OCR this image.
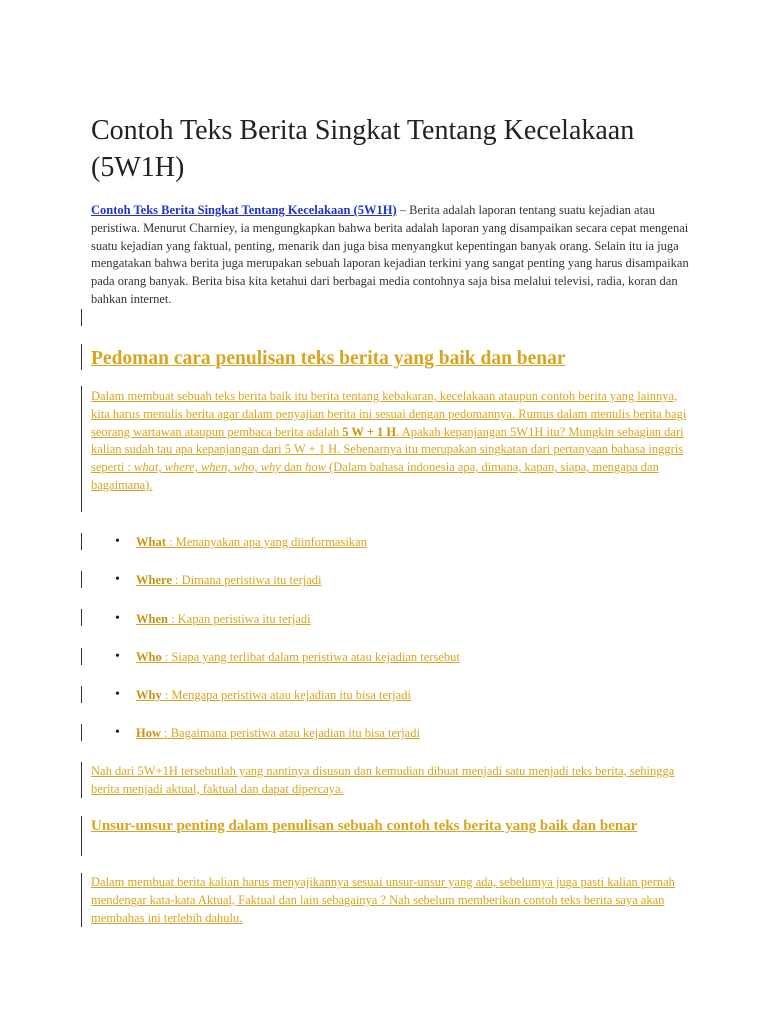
Contoh Teks Berita Singkat Tentang Kecelakaan (5W1H)

Contoh Teks Berita Singkat Tentang Kecelakaan (5W1H) – Berita adalah laporan tentang suatu kejadian atau peristiwa. Menurut Charniey, ia mengungkapkan bahwa berita adalah laporan yang disampaikan secara cepat mengenai suatu kejadian yang faktual, penting, menarik dan juga bisa menyangkut kepentingan banyak orang. Selain itu ia juga mengatakan bahwa berita juga merupakan sebuah laporan kejadian terkini yang sangat penting yang harus disampaikan pada orang banyak. Berita bisa kita ketahui dari berbagai media contohnya saja bisa melalui televisi, radia, koran dan bahkan internet.

Pedoman cara penulisan teks berita yang baik dan benar

Dalam membuat sebuah teks berita baik itu berita tentang kebakaran, kecelakaan ataupun contoh berita yang lainnya, kita harus menulis berita agar dalam penyajian berita ini sesuai dengan pedomannya. Rumus dalam menulis berita bagi seorang wartawan ataupun pembaca berita adalah 5 W + 1 H. Apakah kepanjangan 5W1H itu? Mungkin sebagian dari kalian sudah tau apa kepanjangan dari 5 W + 1 H. Sebenarnya itu merupakan singkatan dari pertanyaan bahasa inggris seperti : what, where, when, who, why dan how (Dalam bahasa indonesia apa, dimana, kapan, siapa, mengapa dan bagaimana).

• What : Menanyakan apa yang diinformasikan
• Where : Dimana peristiwa itu terjadi
• When : Kapan peristiwa itu terjadi
• Who : Siapa yang terlibat dalam peristiwa atau kejadian tersebut
• Why : Mengapa peristiwa atau kejadian itu bisa terjadi
• How : Bagaimana peristiwa atau kejadian itu bisa terjadi

Nah dari 5W+1H tersebutlah yang nantinya disusun dan kemudian dibuat menjadi satu menjadi teks berita, sehingga berita menjadi aktual, faktual dan dapat dipercaya.

Unsur-unsur penting dalam penulisan sebuah contoh teks berita yang baik dan benar

Dalam membuat berita kalian harus menyajikannya sesuai unsur-unsur yang ada, sebelumya juga pasti kalian pernah mendengar kata-kata Aktual, Faktual dan lain sebagainya ? Nah sebelum memberikan contoh teks berita saya akan membahas ini terlebih dahulu.
